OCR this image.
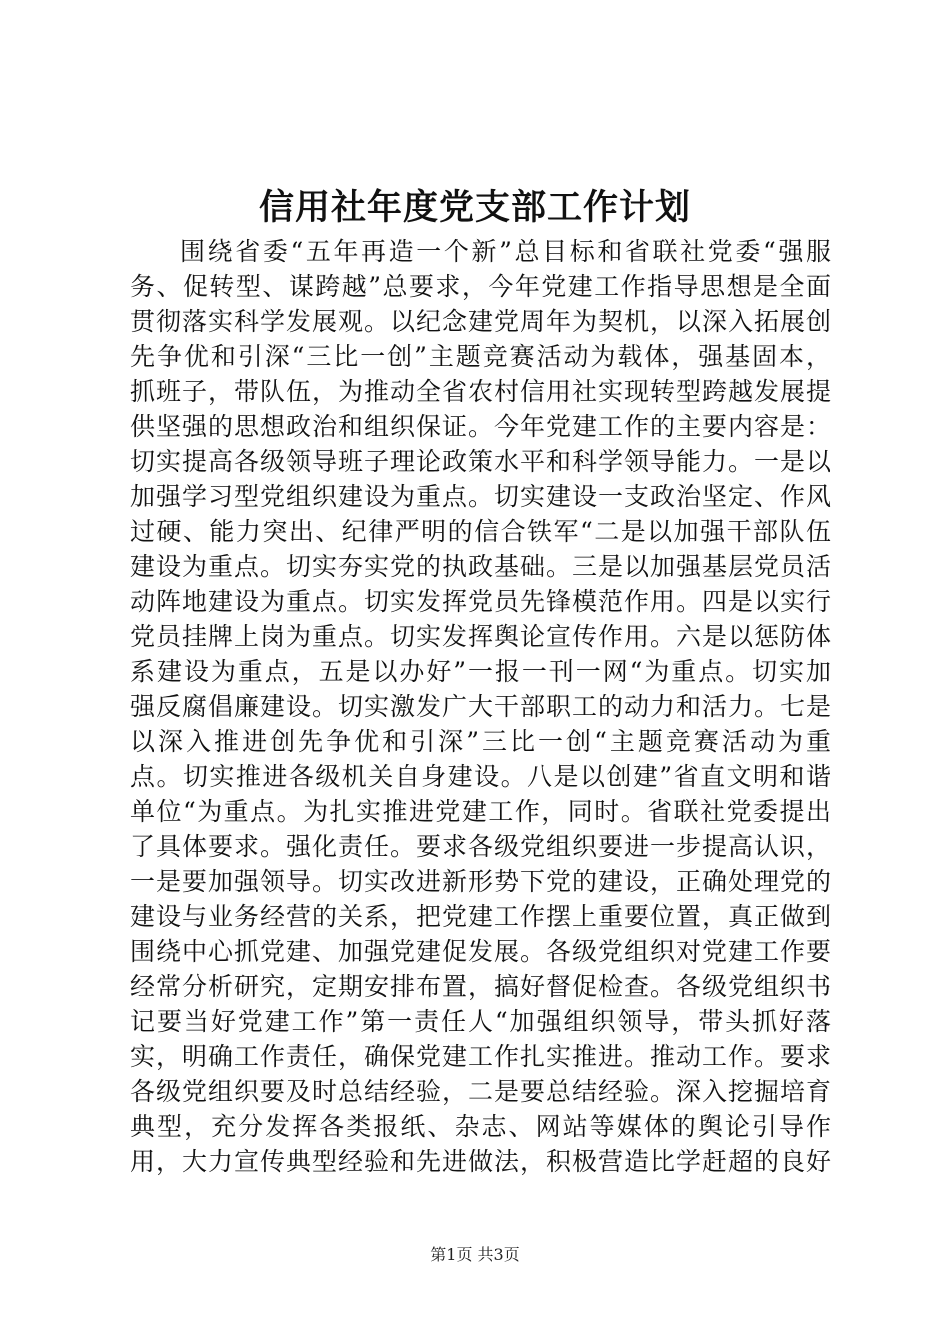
信用社年度党支部工作计划

围绕省委“五年再造一个新”总目标和省联社党委“强服务、促转型、谋跨越”总要求，今年党建工作指导思想是全面贯彻落实科学发展观。以纪念建党周年为契机，以深入拓展创先争优和引深“三比一创”主题竞赛活动为载体，强基固本，抓班子，带队伍，为推动全省农村信用社实现转型跨越发展提供坚强的思想政治和组织保证。今年党建工作的主要内容是：切实提高各级领导班子理论政策水平和科学领导能力。一是以加强学习型党组织建设为重点。切实建设一支政治坚定、作风过硬、能力突出、纪律严明的信合铁军“二是以加强干部队伍建设为重点。切实夯实党的执政基础。三是以加强基层党员活动阵地建设为重点。切实发挥党员先锋模范作用。四是以实行党员挂牌上岗为重点。切实发挥舆论宣传作用。六是以惩防体系建设为重点，五是以办好”一报一刊一网“为重点。切实加强反腐倡廉建设。切实激发广大干部职工的动力和活力。七是以深入推进创先争优和引深”三比一创“主题竞赛活动为重点。切实推进各级机关自身建设。八是以创建”省直文明和谐单位“为重点。为扎实推进党建工作，同时。省联社党委提出了具体要求。强化责任。要求各级党组织要进一步提高认识，一是要加强领导。切实改进新形势下党的建设，正确处理党的建设与业务经营的关系，把党建工作摆上重要位置，真正做到围绕中心抓党建、加强党建促发展。各级党组织对党建工作要经常分析研究，定期安排布置，搞好督促检查。各级党组织书记要当好党建工作”第一责任人“加强组织领导，带头抓好落实，明确工作责任，确保党建工作扎实推进。推动工作。要求各级党组织要及时总结经验，二是要总结经验。深入挖掘培育典型，充分发挥各类报纸、杂志、网站等媒体的舆论引导作用，大力宣传典型经验和先进做法，积极营造比学赶超的良好

第1页 共3页
